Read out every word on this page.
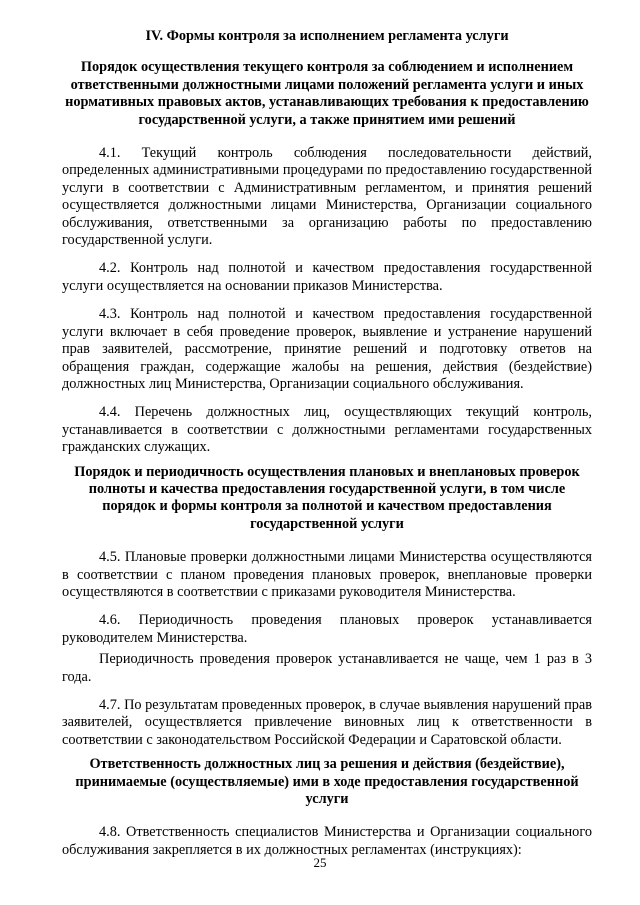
IV. Формы контроля за исполнением регламента услуги
Порядок осуществления текущего контроля за соблюдением и исполнением ответственными должностными лицами положений регламента услуги и иных нормативных правовых актов, устанавливающих требования к предоставлению государственной услуги, а также принятием ими решений

4.1. Текущий контроль соблюдения последовательности действий, определенных административными процедурами по предоставлению государственной услуги в соответствии с Административным регламентом, и принятия решений осуществляется должностными лицами Министерства, Организации социального обслуживания, ответственными за организацию работы по предоставлению государственной услуги.

4.2. Контроль над полнотой и качеством предоставления государственной услуги осуществляется на основании приказов Министерства.

4.3. Контроль над полнотой и качеством предоставления государственной услуги включает в себя проведение проверок, выявление и устранение нарушений прав заявителей, рассмотрение, принятие решений и подготовку ответов на обращения граждан, содержащие жалобы на решения, действия (бездействие) должностных лиц Министерства, Организации социального обслуживания.

4.4. Перечень должностных лиц, осуществляющих текущий контроль, устанавливается в соответствии с должностными регламентами государственных гражданских служащих.

Порядок и периодичность осуществления плановых и внеплановых проверок полноты и качества предоставления государственной услуги, в том числе порядок и формы контроля за полнотой и качеством предоставления государственной услуги

4.5. Плановые проверки должностными лицами Министерства осуществляются в соответствии с планом проведения плановых проверок, внеплановые проверки осуществляются в соответствии с приказами руководителя Министерства.

4.6. Периодичность проведения плановых проверок устанавливается руководителем Министерства.

Периодичность проведения проверок устанавливается не чаще, чем 1 раз в 3 года.

4.7. По результатам проведенных проверок, в случае выявления нарушений прав заявителей, осуществляется привлечение виновных лиц к ответственности в соответствии с законодательством Российской Федерации и Саратовской области.

Ответственность должностных лиц за решения и действия (бездействие), принимаемые (осуществляемые) ими в ходе предоставления государственной услуги

4.8. Ответственность специалистов Министерства и Организации социального обслуживания закрепляется в их должностных регламентах (инструкциях):

25
